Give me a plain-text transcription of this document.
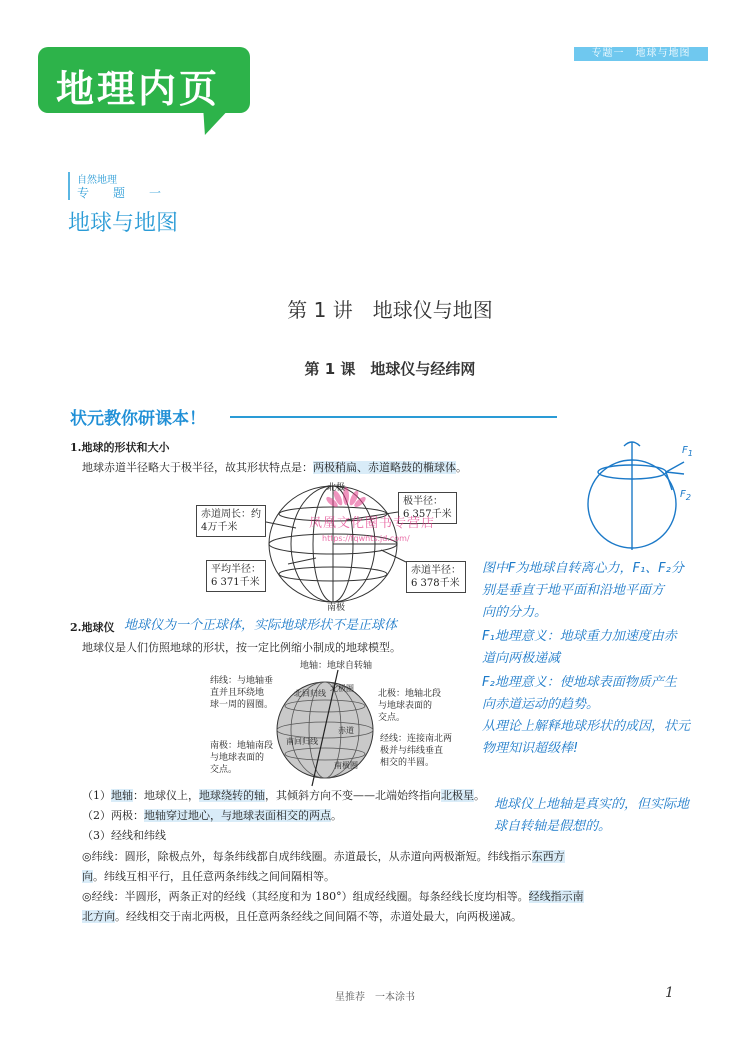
地理内页
专题一　地球与地图
自然地理
专　题　一
地球与地图
第 1 讲　地球仪与地图
第 1 课　地球仪与经纬网
状元教你研课本！
1.地球的形状和大小
地球赤道半径略大于极半径，故其形状特点是：两极稍扁、赤道略鼓的椭球体。
北极
南极
赤道周长：约
4万千米
极半径：
6 357千米
平均半径：
6 371千米
赤道半径：
6 378千米
凤凰文化圈书专营店
https://fqwhts.jd.com/
2.地球仪 地球仪为一个正球体，实际地球形状不是正球体
地球仪是人们仿照地球的形状，按一定比例缩小制成的地球模型。
地轴：地球自转轴
纬线：与地轴垂
直并且环绕地
球一周的圆圈。
北极：地轴北段
与地球表面的
交点。
南极：地轴南段
与地球表面的
交点。
经线：连接南北两
极并与纬线垂直
相交的半圆。
北回归线
北极圈
赤道
南回归线
南极圈
（1）地轴：地球仪上，地球绕转的轴，其倾斜方向不变——北端始终指向北极星。
（2）两极：地轴穿过地心，与地球表面相交的两点。
（3）经线和纬线
◎纬线：圆形，除极点外，每条纬线都自成纬线圈。赤道最长，从赤道向两极渐短。纬线指示东西方
向。纬线互相平行，且任意两条纬线之间间隔相等。
◎经线：半圆形，两条正对的经线（其经度和为 180°）组成经线圈。每条经线长度均相等。经线指示南
北方向。经线相交于南北两极，且任意两条经线之间间隔不等，赤道处最大，向两极递减。
$F_1$
$F_2$
图中F为地球自转离心力，F₁、F₂分
别是垂直于地平面和沿地平面方
向的分力。
F₁地理意义：地球重力加速度由赤
道向两极递减
F₂地理意义：使地球表面物质产生
向赤道运动的趋势。
从理论上解释地球形状的成因，状元
物理知识超级棒!
地球仪上地轴是真实的，但实际地
球自转轴是假想的。
星推荐　一本涂书	1
